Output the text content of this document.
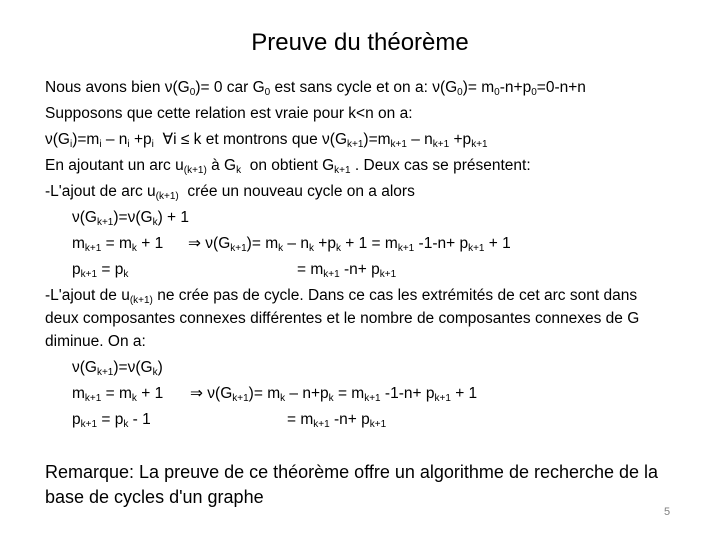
Preuve du théorème
Nous avons bien $\nu(G_0)= 0$ car $G_0$ est sans cycle et on a: $\nu(G_0)= m_0-n+p_0=0-n+n$
Supposons que cette relation est vraie pour k<n on a:
$\nu(G_i)=m_i - n_i +p_i$  ∀i ≤ k et montrons que $\nu(G_{k+1})=m_{k+1} - n_{k+1} +p_{k+1}$
En ajoutant un arc $u_{(k+1)}$ à $G_k$  on obtient $G_{k+1}$ . Deux cas se présentent:
-L'ajout de arc $u_{(k+1)}$  crée un nouveau cycle on a alors
$\nu(G_{k+1})=\nu(G_k) + 1$
$m_{k+1} = m_k + 1$ ⇒ $\nu(G_{k+1})= m_k - n_k +p_k + 1 = m_{k+1}$ $-1-n+ p_{k+1} + 1$
$p_{k+1} = p_k$	= $m_{k+1}$ $-n+ p_{k+1}$
-L'ajout de $u_{(k+1)}$ ne crée pas de cycle. Dans ce cas les extrémités de cet arc sont dans
deux composantes connexes différentes et le nombre de composantes connexes de G
diminue. On a:
$\nu(G_{k+1})=\nu(G_k)$
$m_{k+1} = m_k + 1$ ⇒ $\nu(G_{k+1})= m_k - n+p_k = m_{k+1}$ $-1-n+ p_{k+1} + 1$
$p_{k+1} = p_k - 1$	= $m_{k+1}$ $-n+ p_{k+1}$
Remarque: La preuve de ce théorème offre un algorithme de recherche de la base de cycles d'un graphe
5
